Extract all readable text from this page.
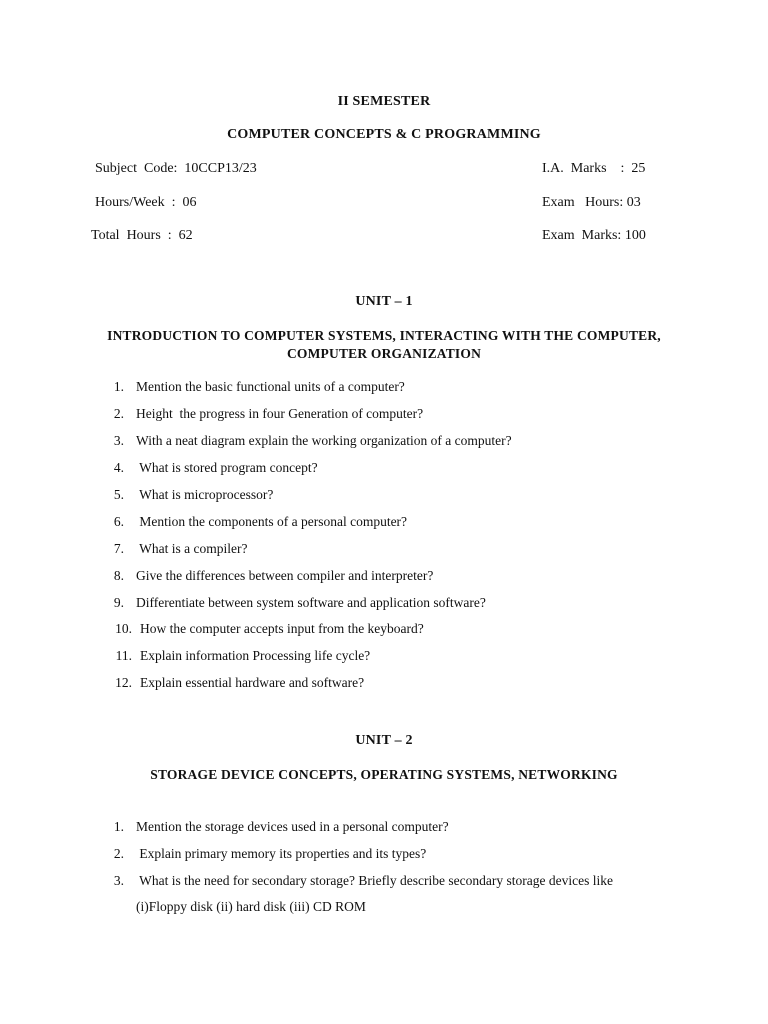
II SEMESTER
COMPUTER CONCEPTS & C PROGRAMMING
Subject  Code:  10CCP13/23
Hours/Week  :  06
Total  Hours  :  62
I.A.  Marks    :  25
Exam   Hours: 03
Exam  Marks: 100
UNIT – 1
INTRODUCTION TO COMPUTER SYSTEMS, INTERACTING WITH THE COMPUTER,
COMPUTER ORGANIZATION
1. Mention the basic functional units of a computer?
2. Height  the progress in four Generation of computer?
3. With a neat diagram explain the working organization of a computer?
4. What is stored program concept?
5. What is microprocessor?
6. Mention the components of a personal computer?
7. What is a compiler?
8. Give the differences between compiler and interpreter?
9. Differentiate between system software and application software?
10. How the computer accepts input from the keyboard?
11. Explain information Processing life cycle?
12. Explain essential hardware and software?
UNIT – 2
STORAGE DEVICE CONCEPTS, OPERATING SYSTEMS, NETWORKING
1. Mention the storage devices used in a personal computer?
2. Explain primary memory its properties and its types?
3. What is the need for secondary storage? Briefly describe secondary storage devices like
(i)Floppy disk (ii) hard disk (iii) CD ROM
